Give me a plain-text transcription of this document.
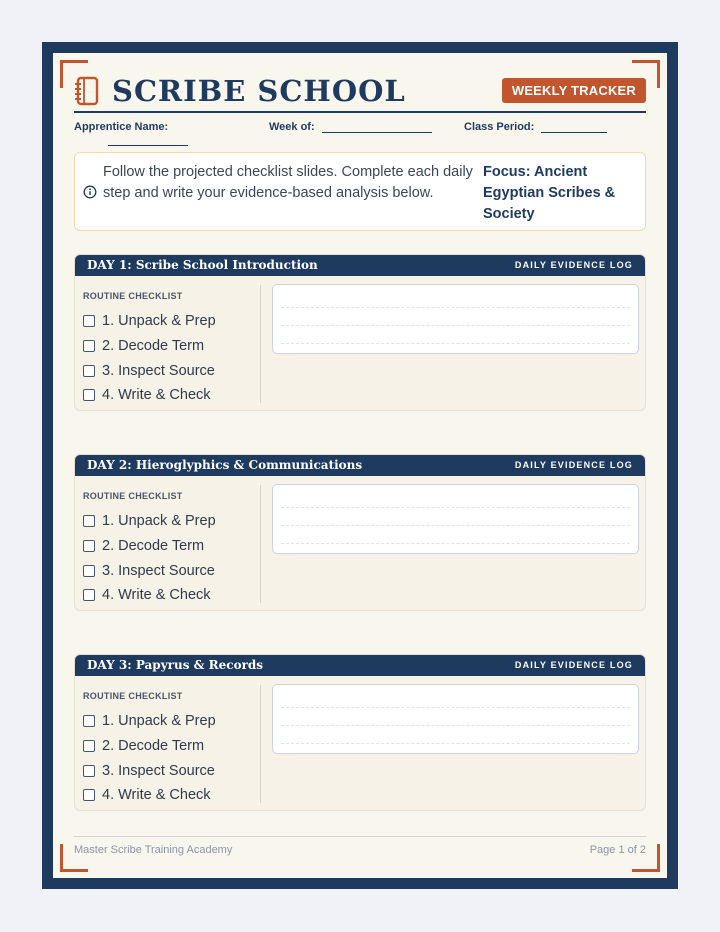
SCRIBE SCHOOL	WEEKLY TRACKER
Apprentice Name:	Week of:	Class Period:
Follow the projected checklist slides. Complete each daily step and write your evidence-based analysis below.
Focus: Ancient Egyptian Scribes & Society
DAY 1: Scribe School Introduction	DAILY EVIDENCE LOG
ROUTINE CHECKLIST
1. Unpack & Prep
2. Decode Term
3. Inspect Source
4. Write & Check
DAY 2: Hieroglyphics & Communications	DAILY EVIDENCE LOG
ROUTINE CHECKLIST
1. Unpack & Prep
2. Decode Term
3. Inspect Source
4. Write & Check
DAY 3: Papyrus & Records	DAILY EVIDENCE LOG
ROUTINE CHECKLIST
1. Unpack & Prep
2. Decode Term
3. Inspect Source
4. Write & Check
Master Scribe Training Academy	Page 1 of 2
